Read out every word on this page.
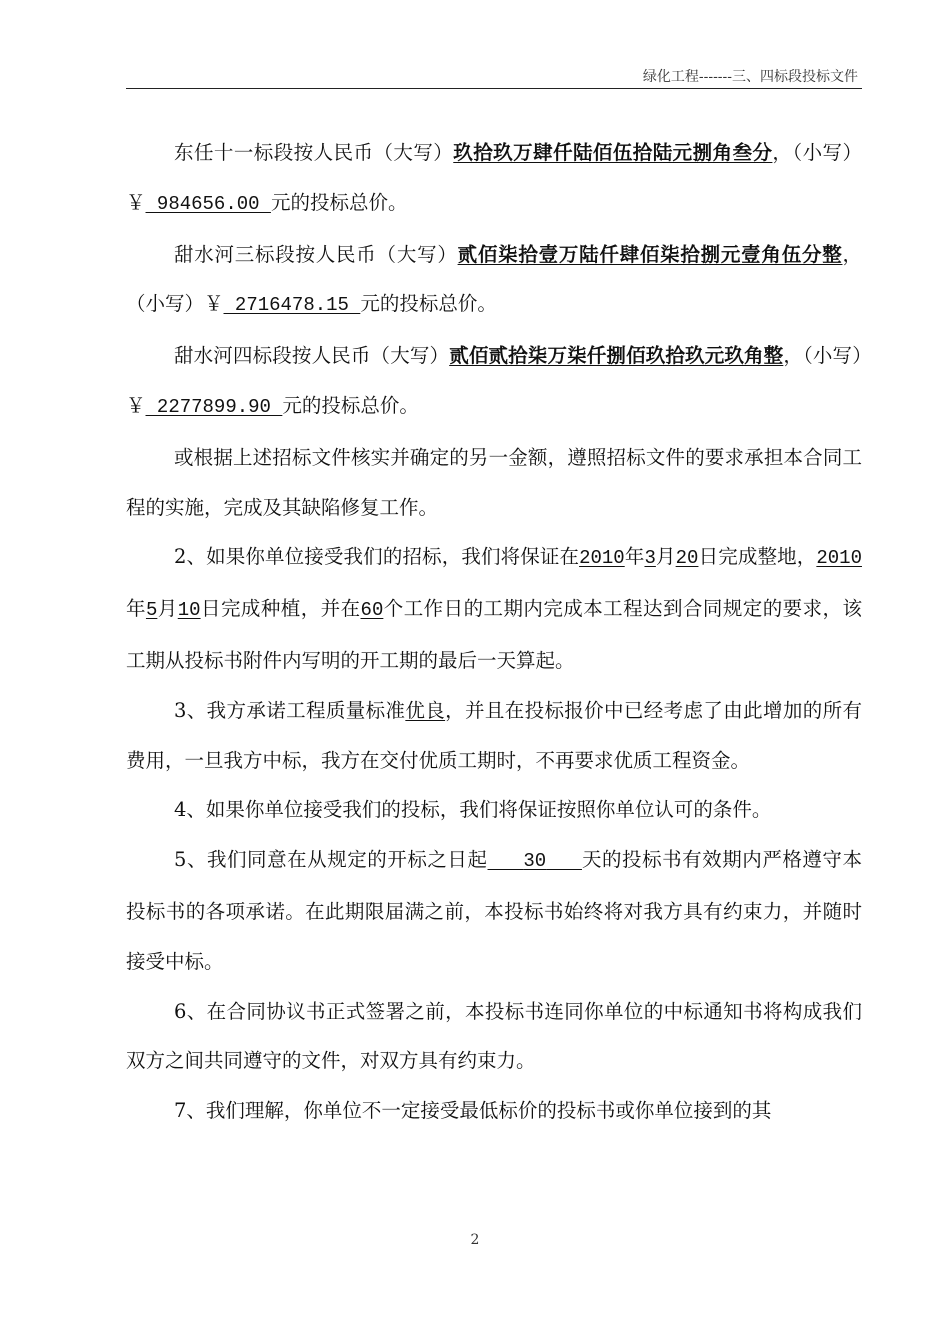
绿化工程-------三、四标段投标文件

东任十一标段按人民币（大写）玖拾玖万肆仟陆佰伍拾陆元捌角叁分，（小写）￥ 984656.00 元的投标总价。

甜水河三标段按人民币（大写）贰佰柒拾壹万陆仟肆佰柒拾捌元壹角伍分整，（小写）￥ 2716478.15 元的投标总价。

甜水河四标段按人民币（大写）贰佰贰拾柒万柒仟捌佰玖拾玖元玖角整，（小写）￥ 2277899.90 元的投标总价。

或根据上述招标文件核实并确定的另一金额，遵照招标文件的要求承担本合同工程的实施，完成及其缺陷修复工作。

2、如果你单位接受我们的招标，我们将保证在2010年3月20日完成整地，2010年5月10日完成种植，并在60个工作日的工期内完成本工程达到合同规定的要求，该工期从投标书附件内写明的开工期的最后一天算起。

3、我方承诺工程质量标准优良，并且在投标报价中已经考虑了由此增加的所有费用，一旦我方中标，我方在交付优质工期时，不再要求优质工程资金。

4、如果你单位接受我们的投标，我们将保证按照你单位认可的条件。

5、我们同意在从规定的开标之日起 30 天的投标书有效期内严格遵守本投标书的各项承诺。在此期限届满之前，本投标书始终将对我方具有约束力，并随时接受中标。

6、在合同协议书正式签署之前，本投标书连同你单位的中标通知书将构成我们双方之间共同遵守的文件，对双方具有约束力。

7、我们理解，你单位不一定接受最低标价的投标书或你单位接到的其

2
